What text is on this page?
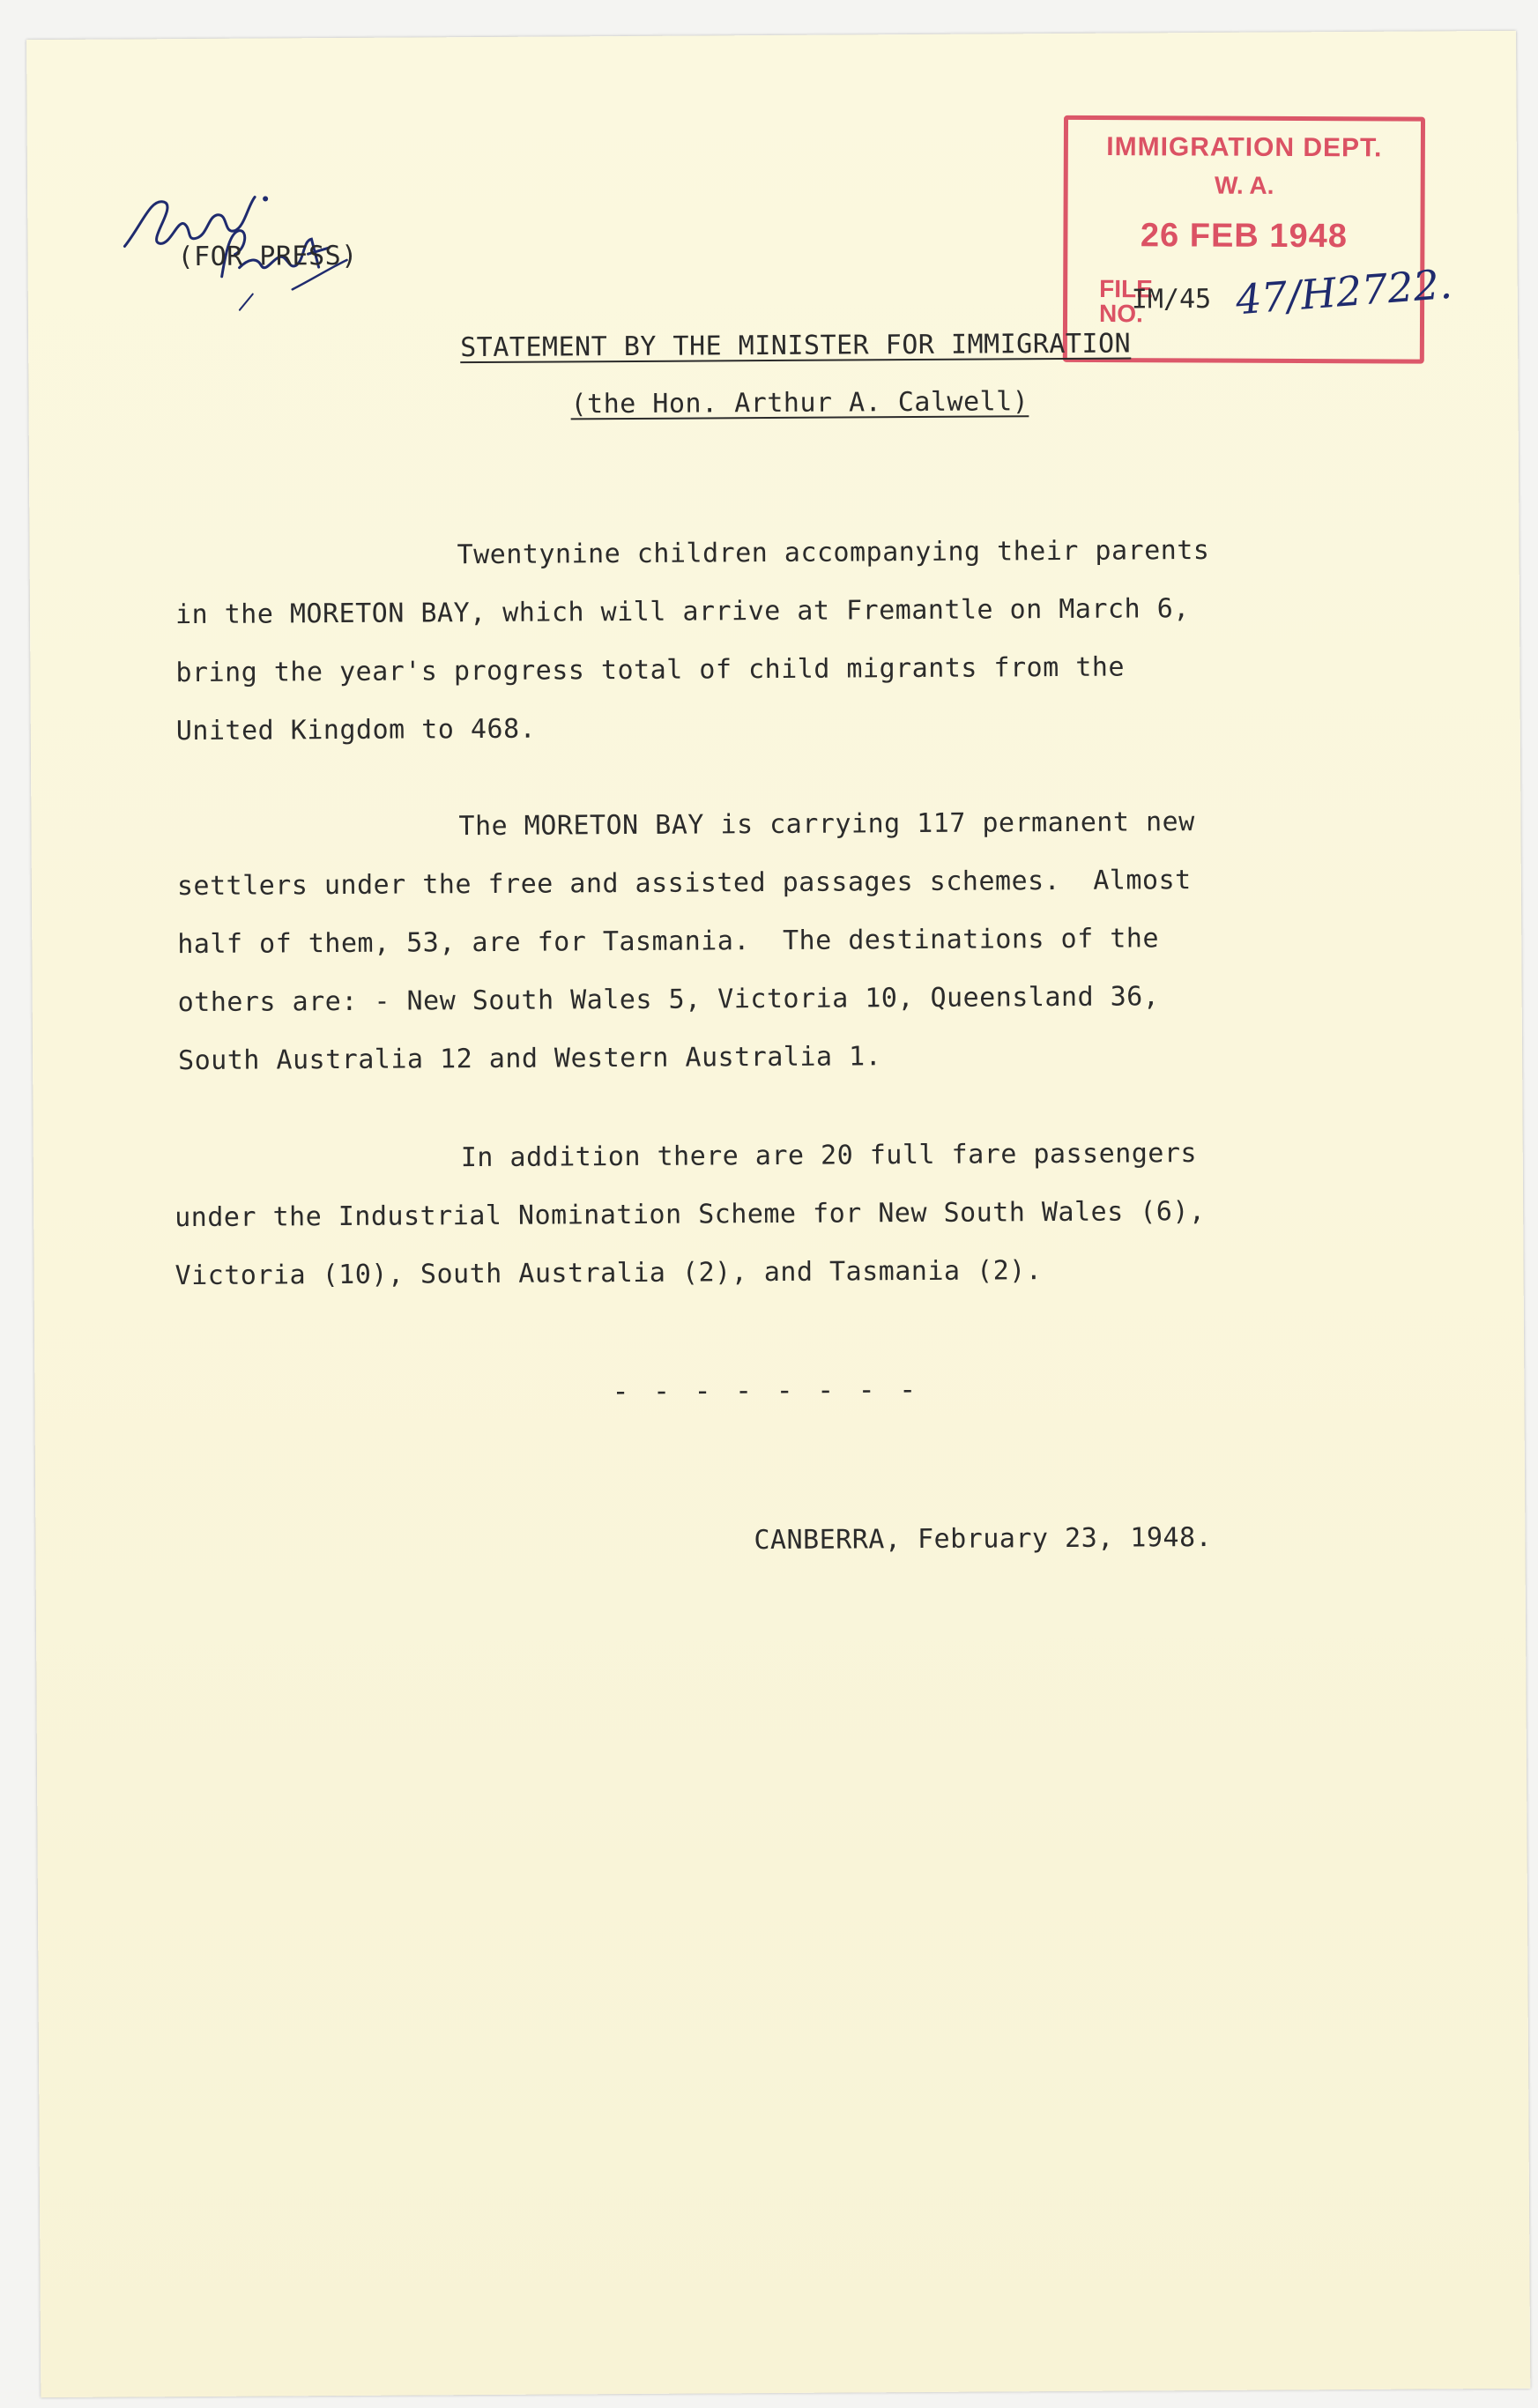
(FOR PRESS)
IMMIGRATION DEPT.
W. A.
26 FEB 1948
FILE
NO.
IM/45 47/H2722.
STATEMENT BY THE MINISTER FOR IMMIGRATION
(the Hon. Arthur A. Calwell)
Twentynine children accompanying their parents
in the MORETON BAY, which will arrive at Fremantle on March 6,
bring the year's progress total of child migrants from the
United Kingdom to 468.
The MORETON BAY is carrying 117 permanent new
settlers under the free and assisted passages schemes.  Almost
half of them, 53, are for Tasmania.  The destinations of the
others are: - New South Wales 5, Victoria 10, Queensland 36,
South Australia 12 and Western Australia 1.
In addition there are 20 full fare passengers
under the Industrial Nomination Scheme for New South Wales (6),
Victoria (10), South Australia (2), and Tasmania (2).
- - - - - - - -
CANBERRA, February 23, 1948.
